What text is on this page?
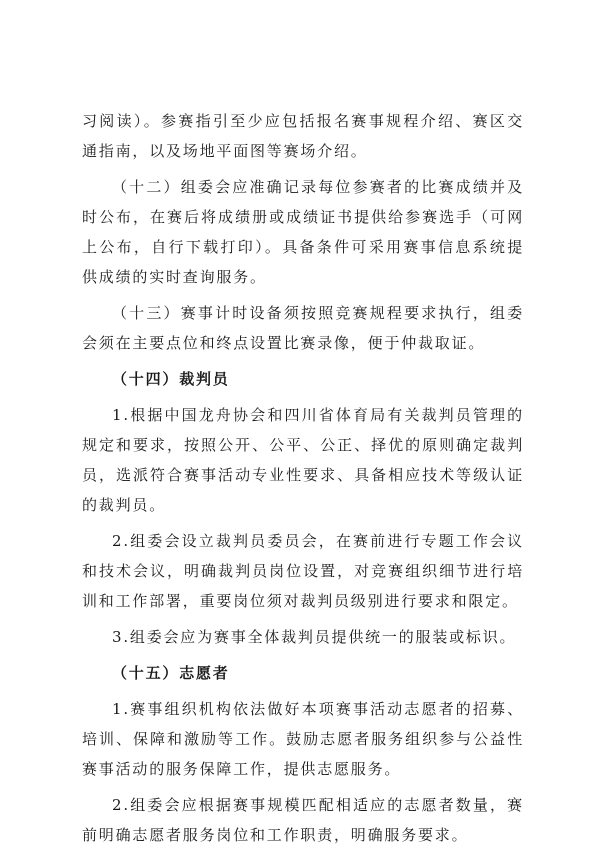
习阅读）。参赛指引至少应包括报名赛事规程介绍、赛区交通指南，以及场地平面图等赛场介绍。

（十二）组委会应准确记录每位参赛者的比赛成绩并及时公布，在赛后将成绩册或成绩证书提供给参赛选手（可网上公布，自行下载打印）。具备条件可采用赛事信息系统提供成绩的实时查询服务。

（十三）赛事计时设备须按照竞赛规程要求执行，组委会须在主要点位和终点设置比赛录像，便于仲裁取证。

（十四）裁判员

1.根据中国龙舟协会和四川省体育局有关裁判员管理的规定和要求，按照公开、公平、公正、择优的原则确定裁判员，选派符合赛事活动专业性要求、具备相应技术等级认证的裁判员。

2.组委会设立裁判员委员会，在赛前进行专题工作会议和技术会议，明确裁判员岗位设置，对竞赛组织细节进行培训和工作部署，重要岗位须对裁判员级别进行要求和限定。

3.组委会应为赛事全体裁判员提供统一的服装或标识。

（十五）志愿者

1.赛事组织机构依法做好本项赛事活动志愿者的招募、培训、保障和激励等工作。鼓励志愿者服务组织参与公益性赛事活动的服务保障工作，提供志愿服务。

2.组委会应根据赛事规模匹配相适应的志愿者数量，赛前明确志愿者服务岗位和工作职责，明确服务要求。
